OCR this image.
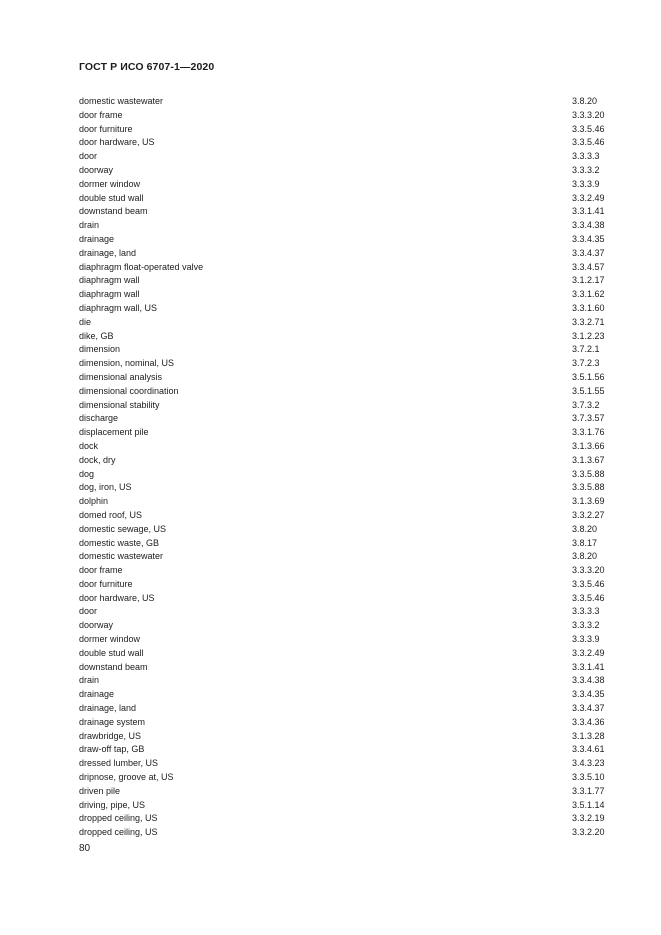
ГОСТ Р ИСО 6707-1—2020
domestic wastewater	3.8.20
door frame	3.3.3.20
door furniture	3.3.5.46
door hardware, US	3.3.5.46
door	3.3.3.3
doorway	3.3.3.2
dormer window	3.3.3.9
double stud wall	3.3.2.49
downstand beam	3.3.1.41
drain	3.3.4.38
drainage	3.3.4.35
drainage, land	3.3.4.37
diaphragm float-operated valve	3.3.4.57
diaphragm wall	3.1.2.17
diaphragm wall	3.3.1.62
diaphragm wall, US	3.3.1.60
die	3.3.2.71
dike, GB	3.1.2.23
dimension	3.7.2.1
dimension, nominal, US	3.7.2.3
dimensional analysis	3.5.1.56
dimensional coordination	3.5.1.55
dimensional stability	3.7.3.2
discharge	3.7.3.57
displacement pile	3.3.1.76
dock	3.1.3.66
dock, dry	3.1.3.67
dog	3.3.5.88
dog, iron, US	3.3.5.88
dolphin	3.1.3.69
domed roof, US	3.3.2.27
domestic sewage, US	3.8.20
domestic waste, GB	3.8.17
domestic wastewater	3.8.20
door frame	3.3.3.20
door furniture	3.3.5.46
door hardware, US	3.3.5.46
door	3.3.3.3
doorway	3.3.3.2
dormer window	3.3.3.9
double stud wall	3.3.2.49
downstand beam	3.3.1.41
drain	3.3.4.38
drainage	3.3.4.35
drainage, land	3.3.4.37
drainage system	3.3.4.36
drawbridge, US	3.1.3.28
draw-off tap, GB	3.3.4.61
dressed lumber, US	3.4.3.23
dripnose, groove at, US	3.3.5.10
driven pile	3.3.1.77
driving, pipe, US	3.5.1.14
dropped ceiling, US	3.3.2.19
dropped ceiling, US	3.3.2.20
80
